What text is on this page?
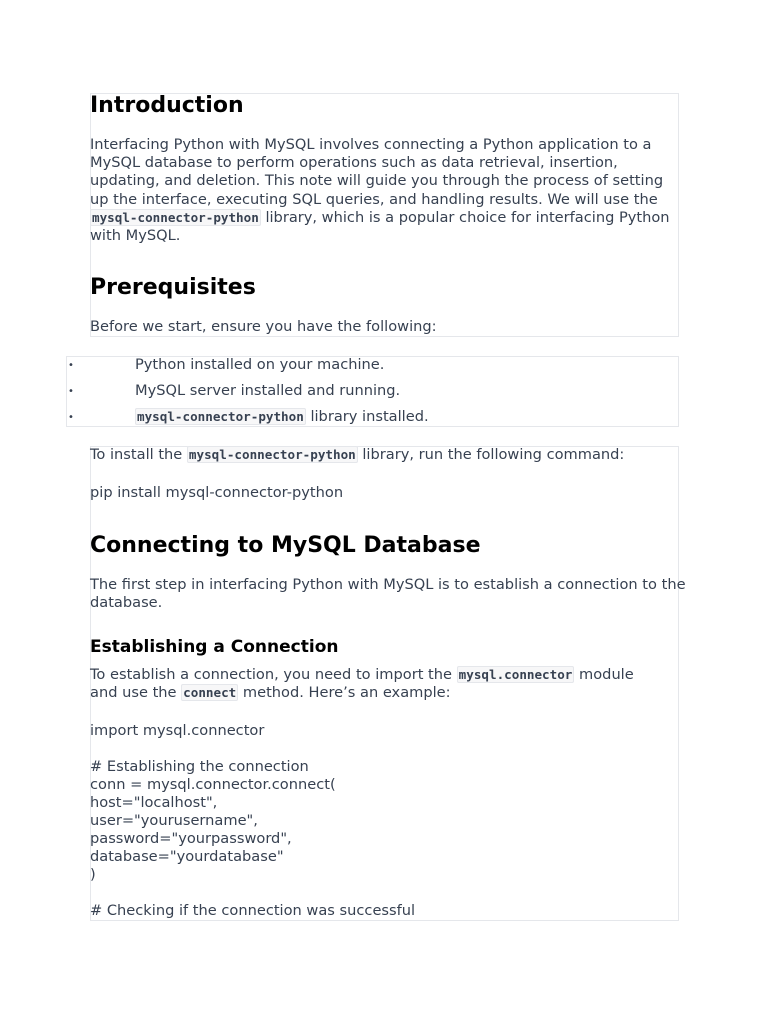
Introduction

Interfacing Python with MySQL involves connecting a Python application to a MySQL database to perform operations such as data retrieval, insertion, updating, and deletion. This note will guide you through the process of setting up the interface, executing SQL queries, and handling results. We will use the mysql-connector-python library, which is a popular choice for interfacing Python with MySQL.

Prerequisites

Before we start, ensure you have the following:

•	Python installed on your machine.

•	MySQL server installed and running.

•	mysql-connector-python library installed.

To install the mysql-connector-python library, run the following command:

pip install mysql-connector-python

Connecting to MySQL Database

The first step in interfacing Python with MySQL is to establish a connection to the database.

Establishing a Connection

To establish a connection, you need to import the mysql.connector module

and use the connect method. Here’s an example:

import mysql.connector

# Establishing the connection

conn = mysql.connector.connect(

host="localhost",

user="yourusername",

password="yourpassword",

database="yourdatabase"

)

# Checking if the connection was successful
